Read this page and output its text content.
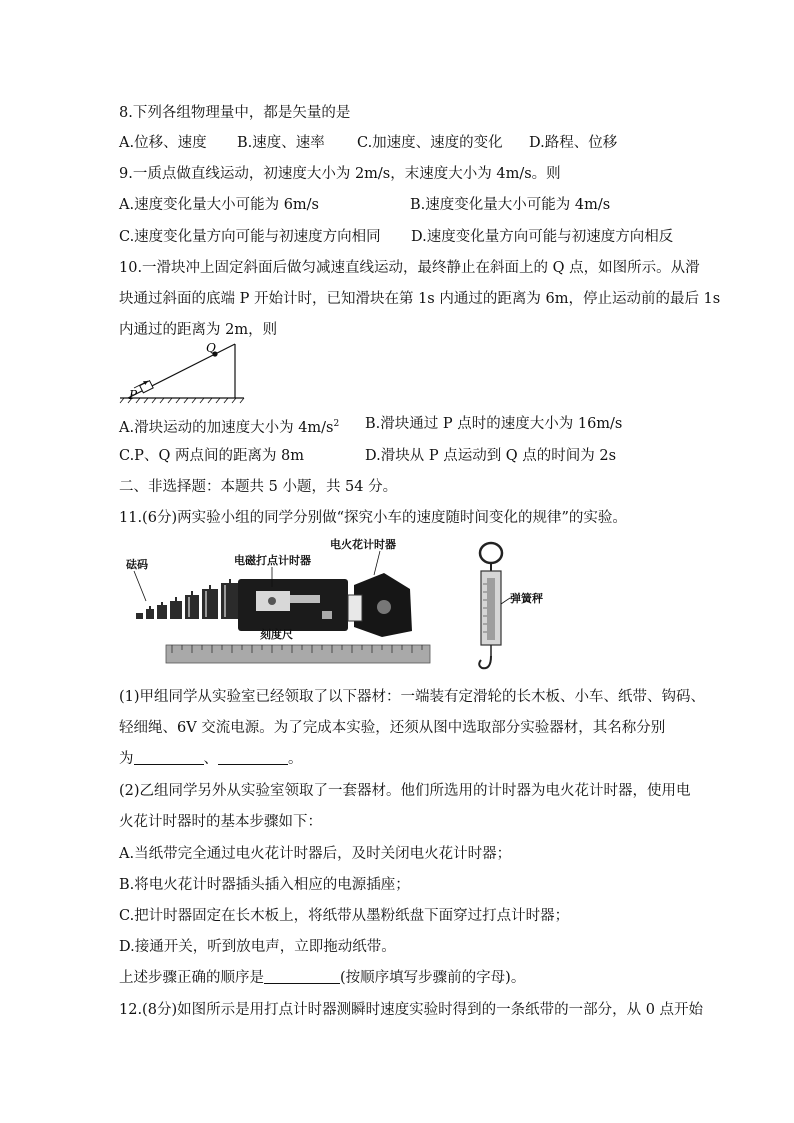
8.下列各组物理量中，都是矢量的是
A.位移、速度 B.速度、速率 C.加速度、速度的变化 D.路程、位移
9.一质点做直线运动，初速度大小为 2m/s，末速度大小为 4m/s。则
A.速度变化量大小可能为 6m/s	B.速度变化量大小可能为 4m/s
C.速度变化量方向可能与初速度方向相同 D.速度变化量方向可能与初速度方向相反
10.一滑块冲上固定斜面后做匀减速直线运动，最终静止在斜面上的 Q 点，如图所示。从滑
块通过斜面的底端 P 开始计时，已知滑块在第 1s 内通过的距离为 6m，停止运动前的最后 1s
内通过的距离为 2m，则
Q
P
A.滑块运动的加速度大小为 $4m/s^2$ B.滑块通过 P 点时的速度大小为 16m/s
C.P、Q 两点间的距离为 8m	D.滑块从 P 点运动到 Q 点的时间为 2s
二、非选择题：本题共 5 小题，共 54 分。
11.(6分)两实验小组的同学分别做“探究小车的速度随时间变化的规律”的实验。
砝码	电磁打点计时器
电火花计时器
刻度尺
弹簧秤
(1)甲组同学从实验室已经领取了以下器材：一端装有定滑轮的长木板、小车、纸带、钩码、
轻细绳、6V 交流电源。为了完成本实验，还须从图中选取部分实验器材，其名称分别
为	、	。
(2)乙组同学另外从实验室领取了一套器材。他们所选用的计时器为电火花计时器，使用电
火花计时器时的基本步骤如下：
A.当纸带完全通过电火花计时器后，及时关闭电火花计时器；
B.将电火花计时器插头插入相应的电源插座；
C.把计时器固定在长木板上，将纸带从墨粉纸盘下面穿过打点计时器；
D.接通开关，听到放电声，立即拖动纸带。
上述步骤正确的顺序是	(按顺序填写步骤前的字母)。
12.(8分)如图所示是用打点计时器测瞬时速度实验时得到的一条纸带的一部分，从 0 点开始
